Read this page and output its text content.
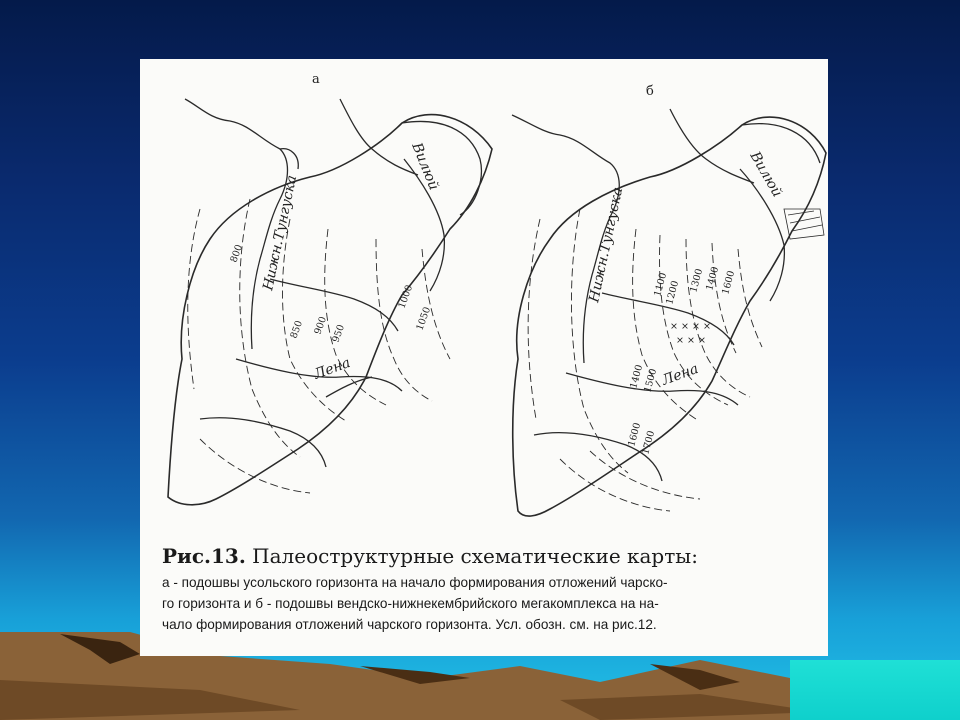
а
Нижн.Тунгуска
Вилюй
Лена
800
850 900 950
1000
1050
б
× × × ×
× × ×
Нижн.Тунгуска
Вилюй
Лена
1100
1200 1300 1400 1600
1400
1500
1600
1700
Рис.13. Палеоструктурные схематические карты:
а - подошвы усольского горизонта на начало формирования отложений чарско-
го горизонта и б - подошвы вендско-нижнекембрийского мегакомплекса на на-
чало формирования отложений чарского горизонта. Усл. обозн. см. на рис.12.
